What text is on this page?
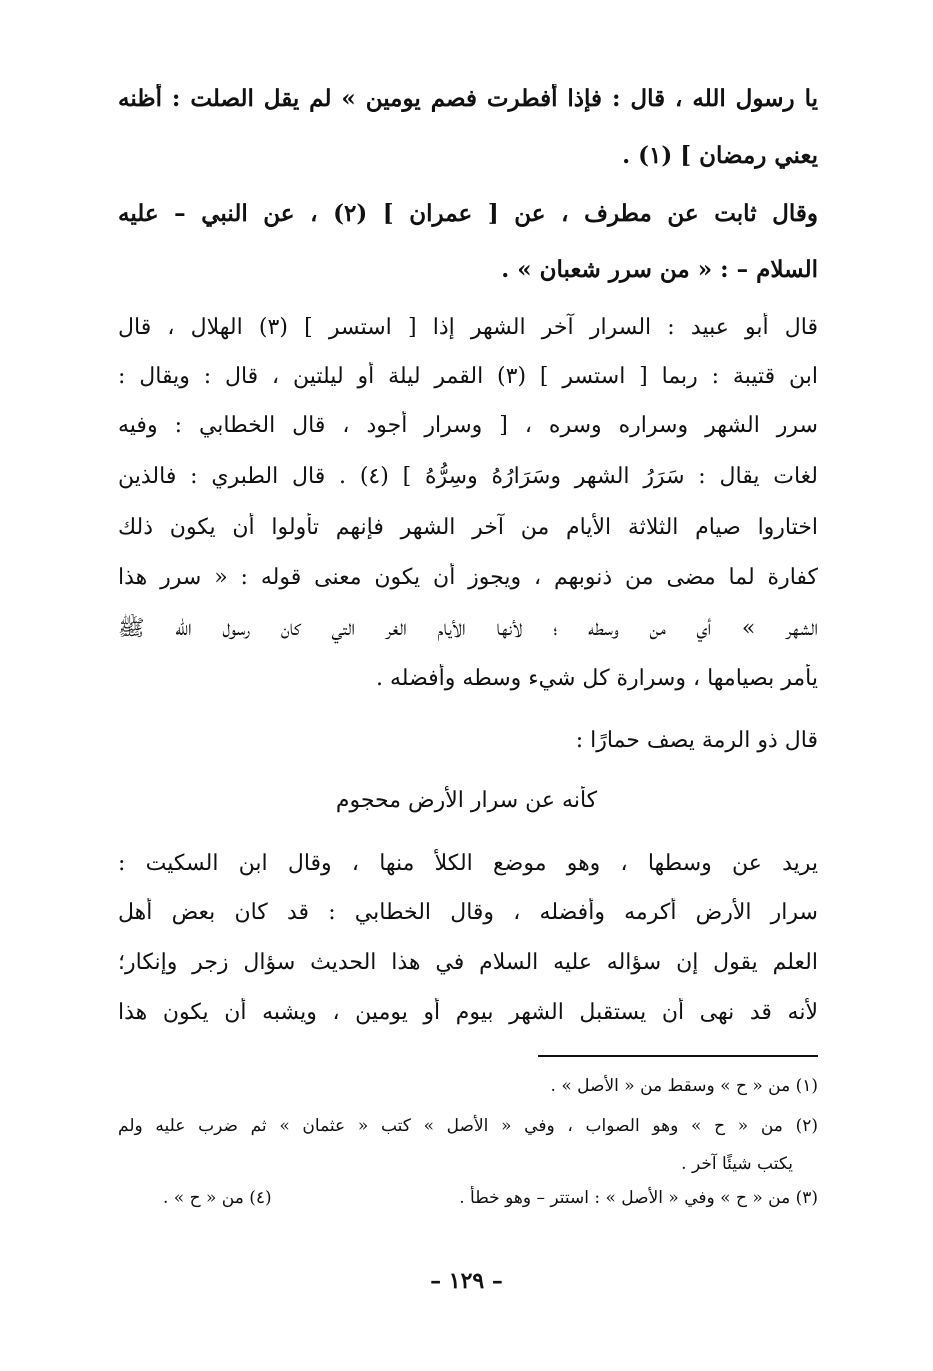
يا رسول الله ، قال : فإذا أفطرت فصم يومين » لم يقل الصلت : أظنه
يعني رمضان ] (١) .
وقال ثابت عن مطرف ، عن [ عمران ] (٢) ، عن النبي – عليه
السلام – : « من سرر شعبان » .
قال أبو عبيد : السرار آخر الشهر إذا [ استسر ] (٣) الهلال ، قال
ابن قتيبة : ربما [ استسر ] (٣) القمر ليلة أو ليلتين ، قال : ويقال :
سرر الشهر وسراره وسره ، [ وسرار أجود ، قال الخطابي : وفيه
لغات يقال : سَرَرُ الشهر وسَرَارُهُ وسِرُّهُ ] (٤) . قال الطبري : فالذين
اختاروا صيام الثلاثة الأيام من آخر الشهر فإنهم تأولوا أن يكون ذلك
كفارة لما مضى من ذنوبهم ، ويجوز أن يكون معنى قوله : « سرر هذا
الشهر » أي من وسطه ؛ لأنها الأيام الغر التي كان رسول الله ﷺ
يأمر بصيامها ، وسرارة كل شيء وسطه وأفضله .
قال ذو الرمة يصف حمارًا :
كأنه عن سرار الأرض محجوم
يريد عن وسطها ، وهو موضع الكلأ منها ، وقال ابن السكيت :
سرار الأرض أكرمه وأفضله ، وقال الخطابي : قد كان بعض أهل
العلم يقول إن سؤاله عليه السلام في هذا الحديث سؤال زجر وإنكار؛
لأنه قد نهى أن يستقبل الشهر بيوم أو يومين ، ويشبه أن يكون هذا
(١) من « ح » وسقط من « الأصل » .
(٢) من « ح » وهو الصواب ، وفي « الأصل » كتب « عثمان » ثم ضرب عليه ولم
يكتب شيئًا آخر .
(٣) من « ح » وفي « الأصل » : استتر – وهو خطأ .
(٤) من « ح » .
– ١٢٩ –
